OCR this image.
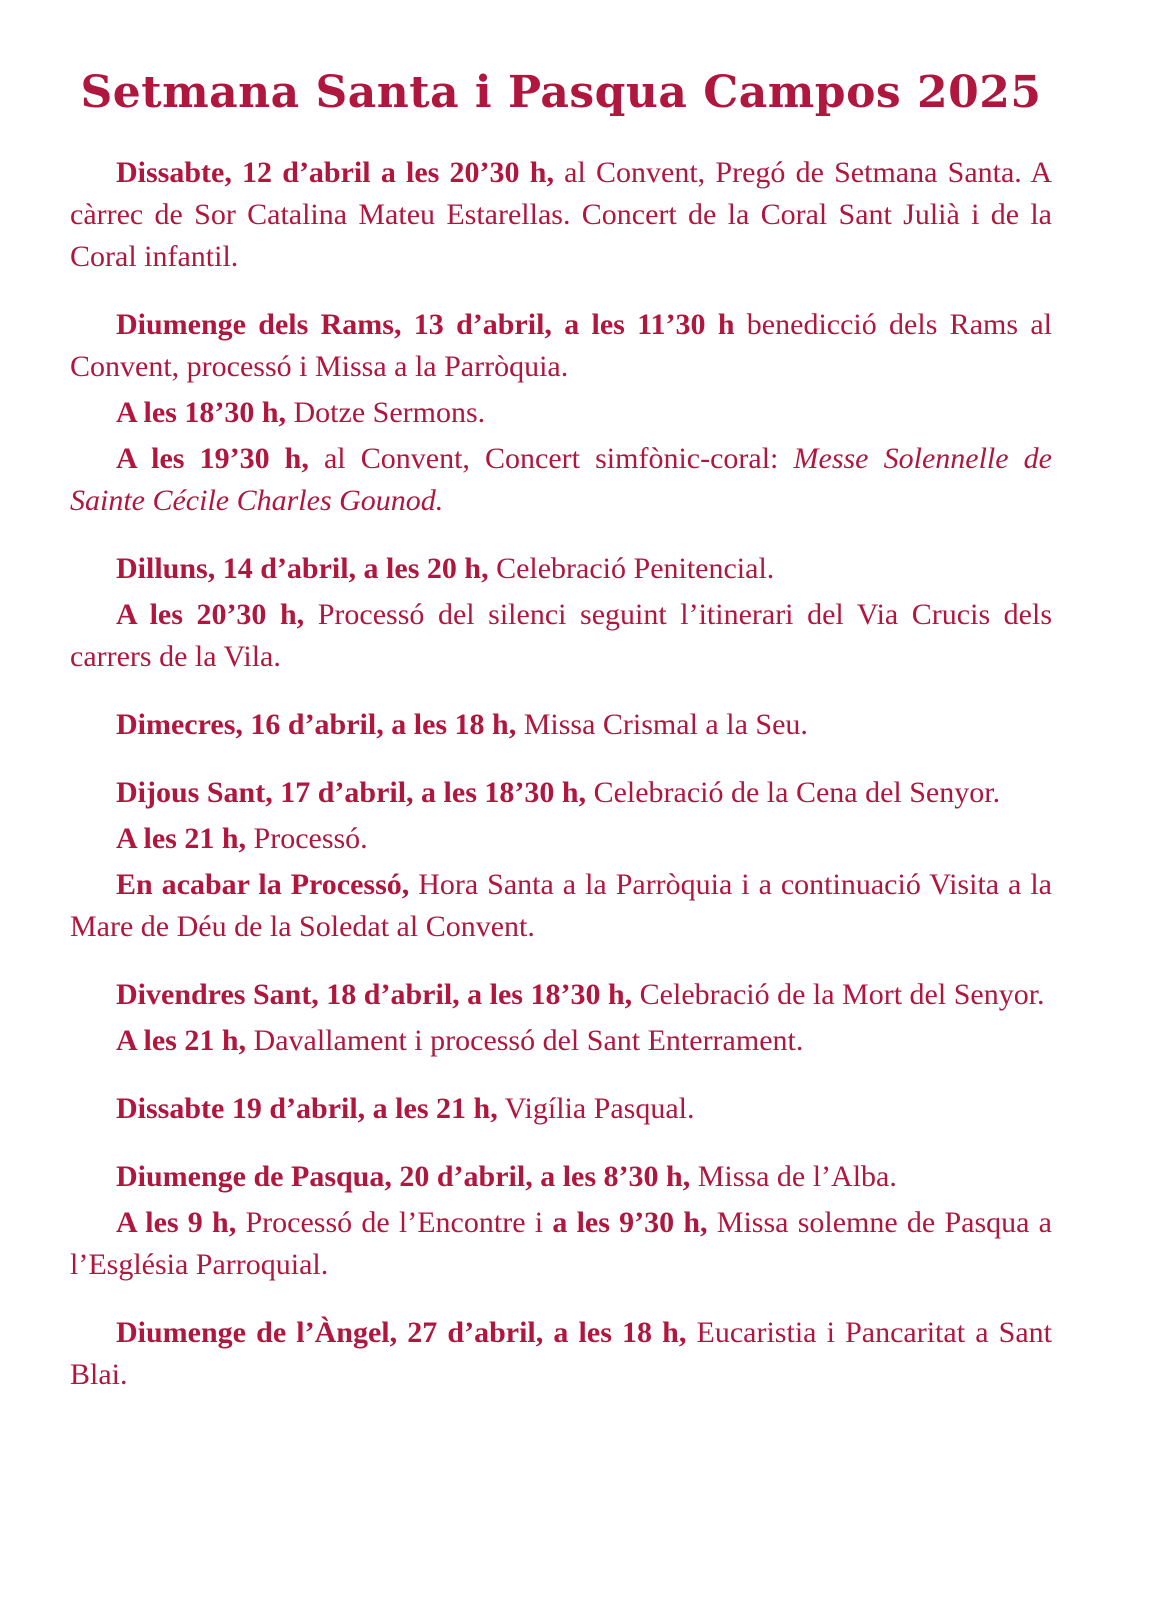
Setmana Santa i Pasqua Campos 2025

Dissabte, 12 d’abril a les 20’30 h, al Convent, Pregó de Setmana Santa. A càrrec de Sor Catalina Mateu Estarellas. Concert de la Coral Sant Julià i de la Coral infantil.

Diumenge dels Rams, 13 d’abril, a les 11’30 h benedicció dels Rams al Convent, processó i Missa a la Parròquia.

A les 18’30 h, Dotze Sermons.

A les 19’30 h, al Convent, Concert simfònic-coral: Messe Solennelle de Sainte Cécile Charles Gounod.

Dilluns, 14 d’abril, a les 20 h, Celebració Penitencial.

A les 20’30 h, Processó del silenci seguint l’itinerari del Via Crucis dels carrers de la Vila.

Dimecres, 16 d’abril, a les 18 h, Missa Crismal a la Seu.

Dijous Sant, 17 d’abril, a les 18’30 h, Celebració de la Cena del Senyor.

A les 21 h, Processó.

En acabar la Processó, Hora Santa a la Parròquia i a continuació Visita a la Mare de Déu de la Soledat al Convent.

Divendres Sant, 18 d’abril, a les 18’30 h, Celebració de la Mort del Senyor.

A les 21 h, Davallament i processó del Sant Enterrament.

Dissabte 19 d’abril, a les 21 h, Vigília Pasqual.

Diumenge de Pasqua, 20 d’abril, a les 8’30 h, Missa de l’Alba.

A les 9 h, Processó de l’Encontre i a les 9’30 h, Missa solemne de Pasqua a l’Església Parroquial.

Diumenge de l’Àngel, 27 d’abril, a les 18 h, Eucaristia i Pancaritat a Sant Blai.
